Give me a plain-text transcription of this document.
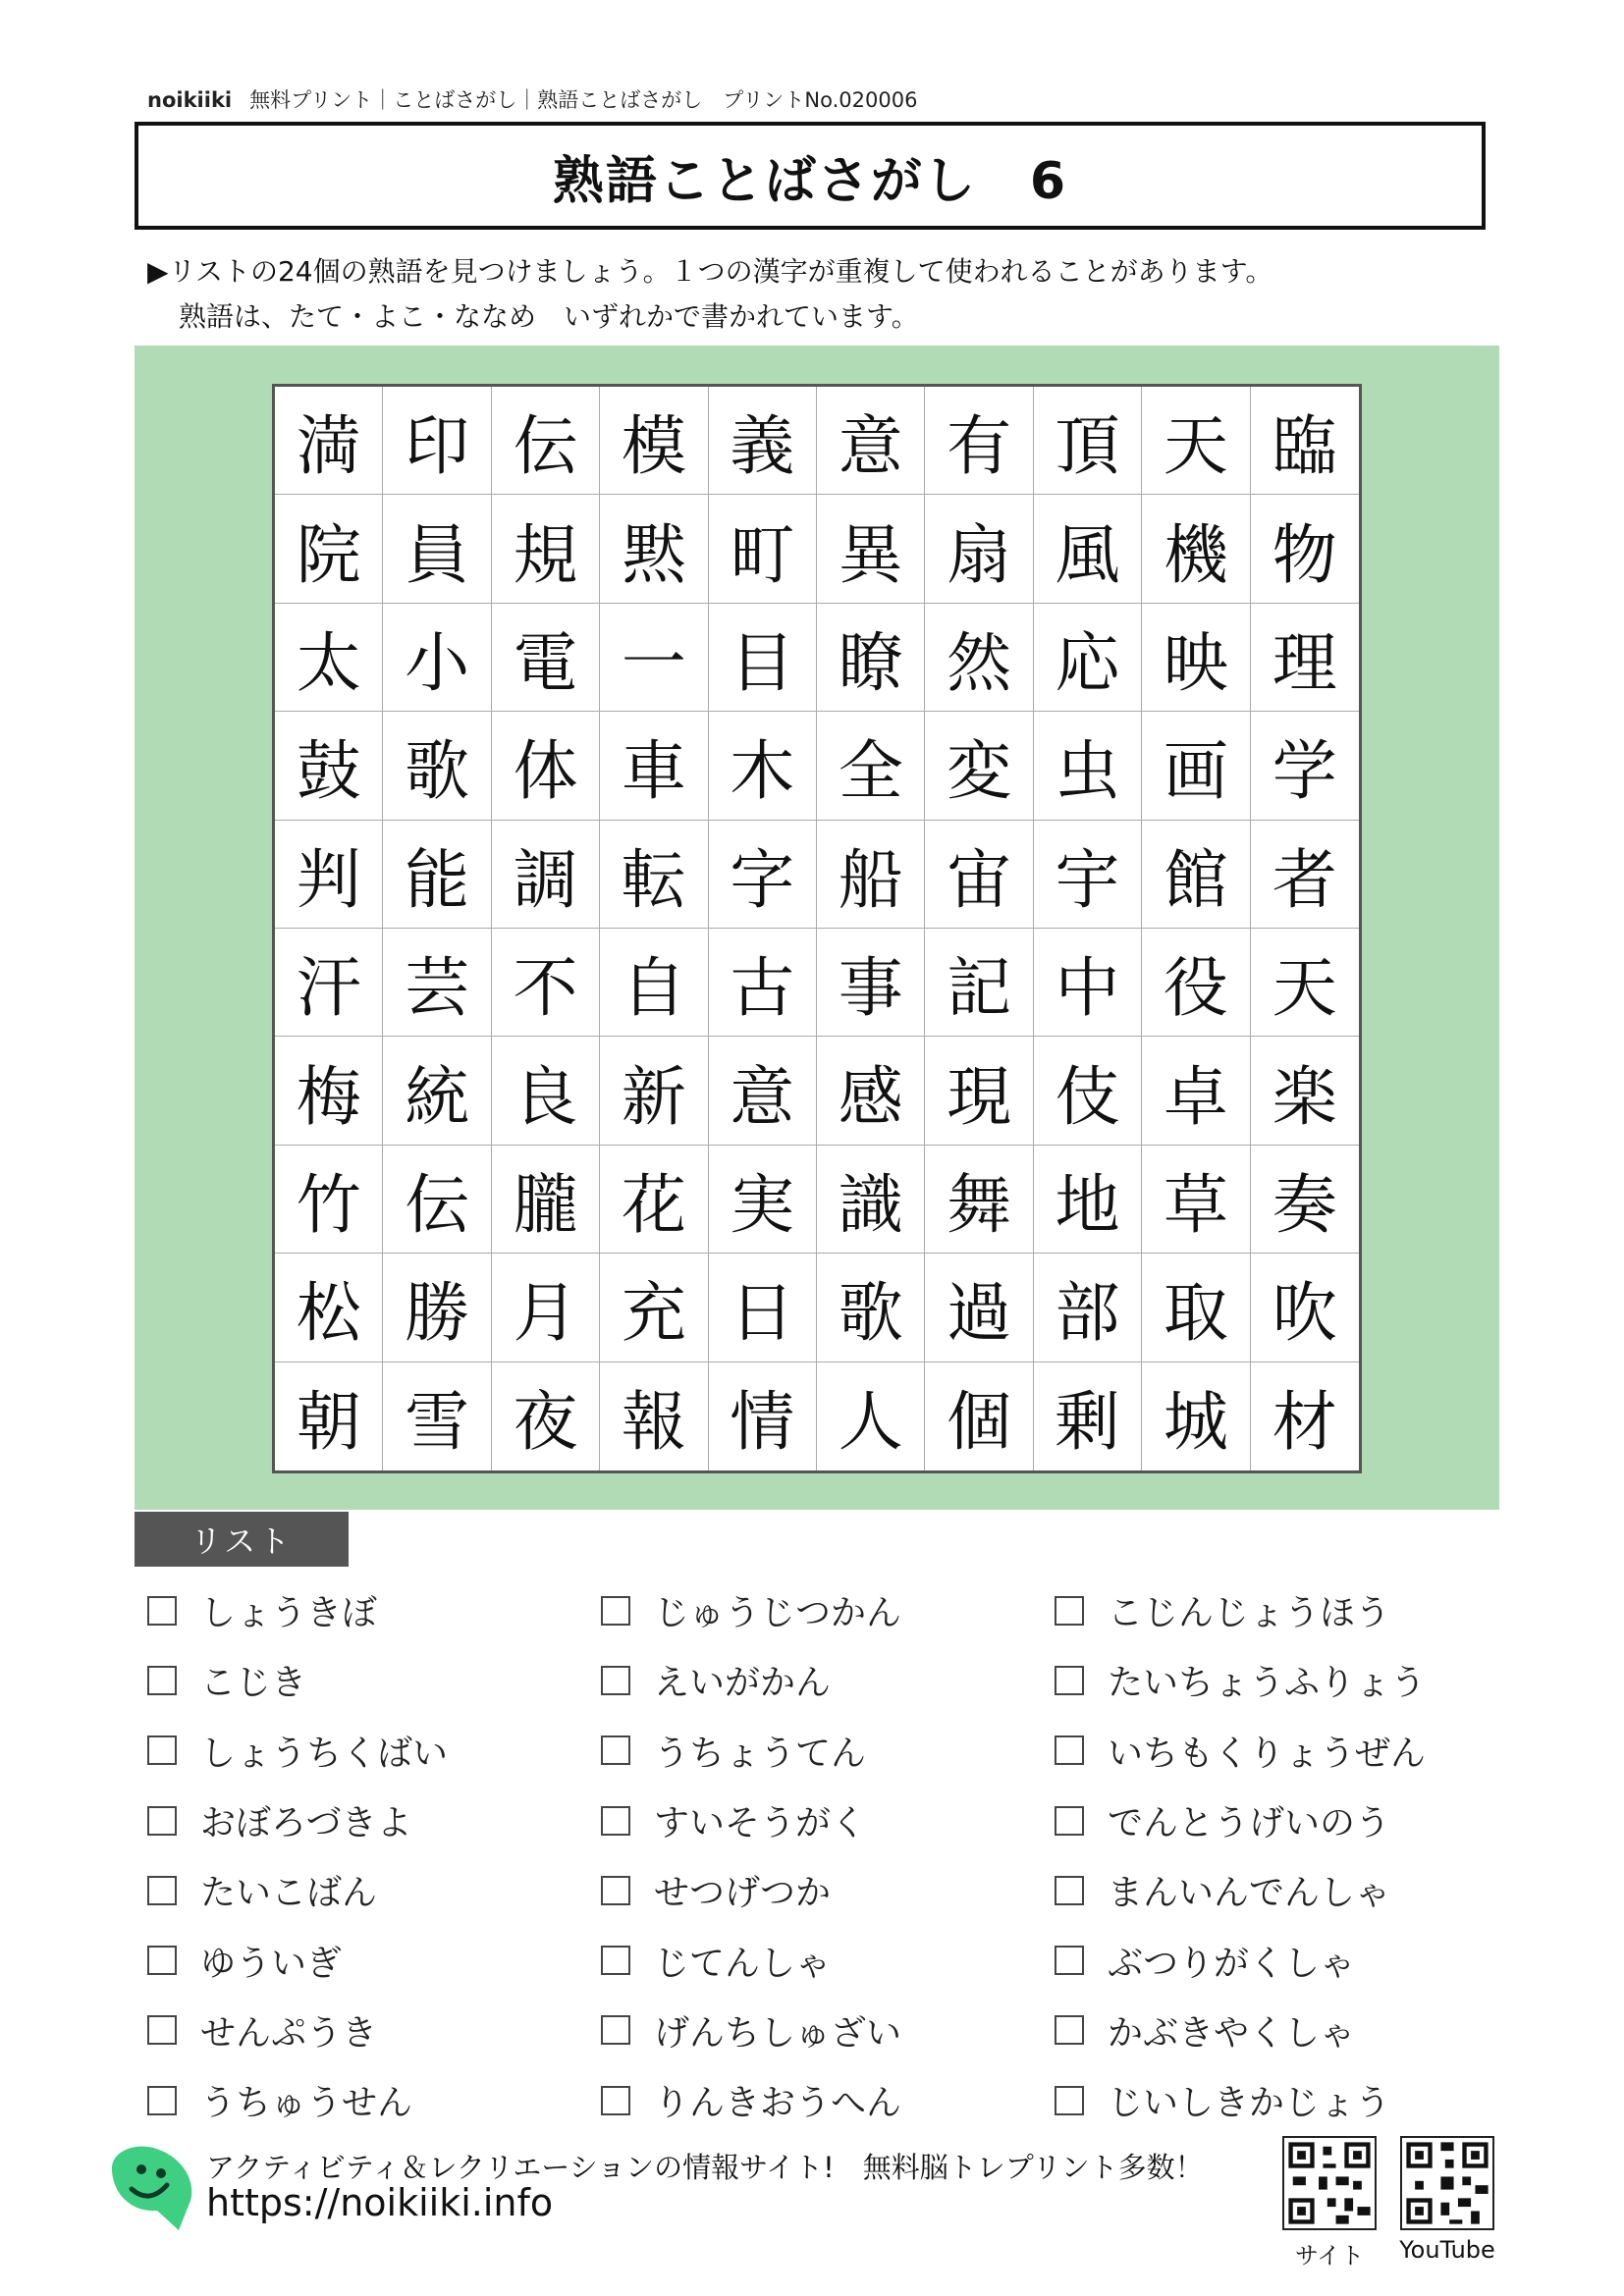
noikiiki 無料プリント｜ことばさがし｜熟語ことばさがし　プリントNo.020006
熟語ことばさがし　6
▶リストの24個の熟語を見つけましょう。１つの漢字が重複して使われることがあります。
熟語は、たて・よこ・ななめ　いずれかで書かれています。
満 印 伝 模 義 意 有 頂 天 臨
院 員 規 黙 町 異 扇 風 機 物
太 小 電 一 目 瞭 然 応 映 理
鼓 歌 体 車 木 全 変 虫 画 学
判 能 調 転 字 船 宙 宇 館 者
汗 芸 不 自 古 事 記 中 役 天
梅 統 良 新 意 感 現 伎 卓 楽
竹 伝 朧 花 実 識 舞 地 草 奏
松 勝 月 充 日 歌 過 部 取 吹
朝 雪 夜 報 情 人 個 剰 城 材
リスト
しょうきぼ	じゅうじつかん	こじんじょうほう
こじき	えいがかん	たいちょうふりょう
しょうちくばい	うちょうてん	いちもくりょうぜん
おぼろづきよ	すいそうがく	でんとうげいのう
たいこばん	せつげつか	まんいんでんしゃ
ゆういぎ	じてんしゃ	ぶつりがくしゃ
せんぷうき	げんちしゅざい	かぶきやくしゃ
うちゅうせん	りんきおうへん	じいしきかじょう
アクティビティ＆レクリエーションの情報サイト!　無料脳トレプリント多数！
https://noikiiki.info
サイト	YouTube
